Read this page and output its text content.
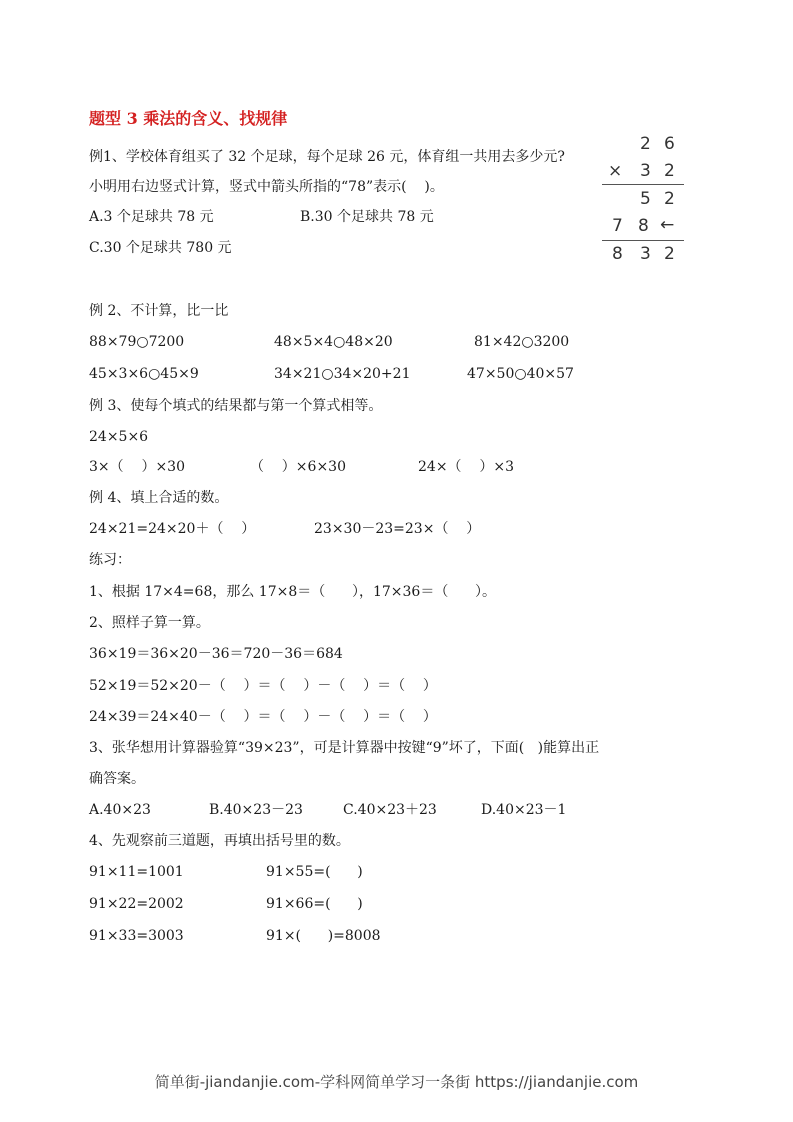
题型 3 乘法的含义、找规律
例1、学校体育组买了 32 个足球，每个足球 26 元，体育组一共用去多少元?
小明用右边竖式计算，竖式中箭头所指的“78”表示(    )。
A.3 个足球共 78 元	B.30 个足球共 78 元
C.30 个足球共 780 元
2 6
× 3 2
5 2
7 8 ←
8 3 2
例 2、不计算，比一比
88×79○7200	48×5×4○48×20	81×42○3200
45×3×6○45×9	34×21○34×20+21	47×50○40×57
例 3、使每个填式的结果都与第一个算式相等。
24×5×6
3×（    ）×30	（    ）×6×30	24×（    ）×3
例 4、填上合适的数。
24×21=24×20＋（    ）	23×30－23=23×（    ）
练习：
1、根据 17×4=68，那么 17×8＝（      ），17×36＝（      ）。
2、照样子算一算。
36×19＝36×20－36＝720－36＝684
52×19＝52×20－（    ）＝（    ）－（    ）＝（    ）
24×39＝24×40－（    ）＝（    ）－（    ）＝（    ）
3、张华想用计算器验算“39×23”，可是计算器中按键“9”坏了，下面(   )能算出正
确答案。
A.40×23	B.40×23－23	C.40×23＋23	D.40×23－1
4、先观察前三道题，再填出括号里的数。
91×11=1001	91×55=(      )
91×22=2002	91×66=(      )
91×33=3003	91×(      )=8008
简单街-jiandanjie.com-学科网简单学习一条街 https://jiandanjie.com
